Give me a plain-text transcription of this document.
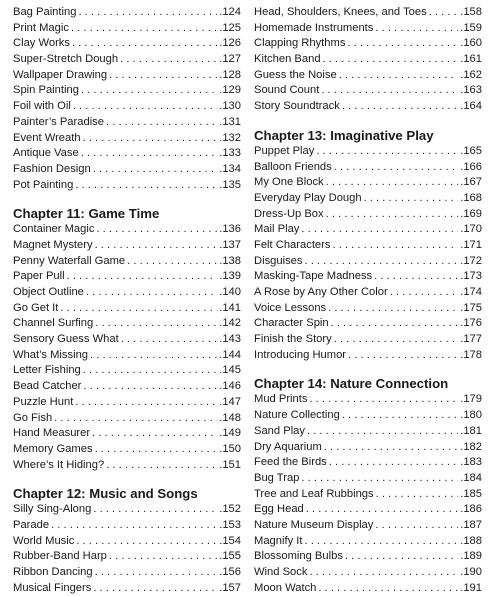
Bag Painting . . .	.124
Print Magic . . .	.125
Clay Works . . .	.126
Super-Stretch Dough . . .	.127
Wallpaper Drawing . . .	.128
Spin Painting . . .	.129
Foil with Oil . . .	.130
Painter’s Paradise . . .	.131
Event Wreath . . .	.132
Antique Vase . . .	.133
Fashion Design . . .	.134
Pot Painting . . .	.135
Chapter 11: Game Time
Container Magic . . .	.136
Magnet Mystery . . .	.137
Penny Waterfall Game . . .	.138
Paper Pull . . .	.139
Object Outline . . .	.140
Go Get It . . .	.141
Channel Surfing . . .	.142
Sensory Guess What . . .	.143
What’s Missing . . .	.144
Letter Fishing . . .	.145
Bead Catcher . . .	.146
Puzzle Hunt . . .	.147
Go Fish . . .	.148
Hand Measurer . . .	.149
Memory Games . . .	.150
Where’s It Hiding? . . .	.151
Chapter 12: Music and Songs
Silly Sing-Along . . .	.152
Parade . . .	.153
World Music . . .	.154
Rubber-Band Harp . . .	.155
Ribbon Dancing . . .	.156
Musical Fingers . . .	.157
Head, Shoulders, Knees, and Toes . . .	.158
Homemade Instruments . . .	.159
Clapping Rhythms . . .	.160
Kitchen Band . . .	.161
Guess the Noise . . .	.162
Sound Count . . .	.163
Story Soundtrack . . .	.164
Chapter 13: Imaginative Play
Puppet Play . . .	.165
Balloon Friends . . .	.166
My One Block . . .	.167
Everyday Play Dough . . .	.168
Dress-Up Box . . .	.169
Mail Play . . .	.170
Felt Characters . . .	.171
Disguises . . .	.172
Masking-Tape Madness . . .	.173
A Rose by Any Other Color . . .	.174
Voice Lessons . . .	.175
Character Spin . . .	.176
Finish the Story . . .	.177
Introducing Humor . . .	.178
Chapter 14: Nature Connection
Mud Prints . . .	.179
Nature Collecting . . .	.180
Sand Play . . .	.181
Dry Aquarium . . .	.182
Feed the Birds . . .	.183
Bug Trap . . .	.184
Tree and Leaf Rubbings . . .	.185
Egg Head . . .	.186
Nature Museum Display . . .	.187
Magnify It . . .	.188
Blossoming Bulbs . . .	.189
Wind Sock . . .	.190
Moon Watch . . .	.191
